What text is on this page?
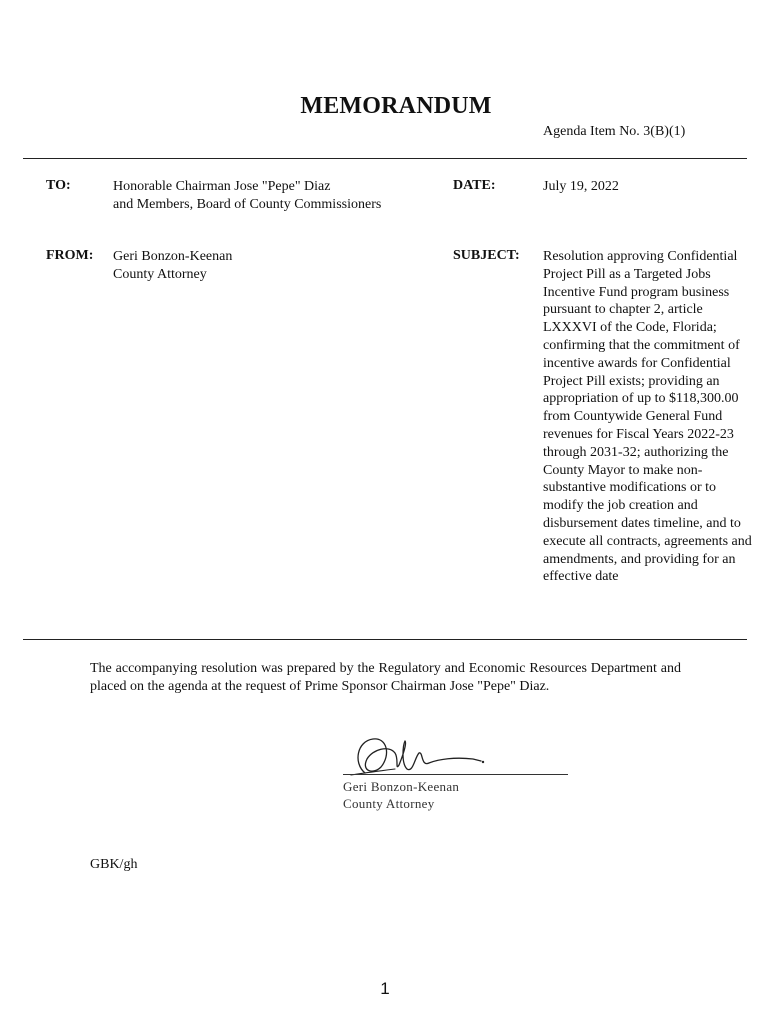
MEMORANDUM
Agenda Item No. 3(B)(1)
TO:	Honorable Chairman Jose "Pepe" Diaz
and Members, Board of County Commissioners
DATE:	July 19, 2022
FROM: Geri Bonzon-Keenan
County Attorney
SUBJECT: Resolution approving Confidential Project Pill as a Targeted Jobs Incentive Fund program business pursuant to chapter 2, article LXXXVI of the Code, Florida; confirming that the commitment of incentive awards for Confidential Project Pill exists; providing an appropriation of up to $118,300.00 from Countywide General Fund revenues for Fiscal Years 2022-23 through 2031-32; authorizing the County Mayor to make non-substantive modifications or to modify the job creation and disbursement dates timeline, and to execute all contracts, agreements and amendments, and providing for an effective date
The accompanying resolution was prepared by the Regulatory and Economic Resources Department and placed on the agenda at the request of Prime Sponsor Chairman Jose "Pepe" Diaz.
Geri Bonzon-Keenan
County Attorney
GBK/gh
1
